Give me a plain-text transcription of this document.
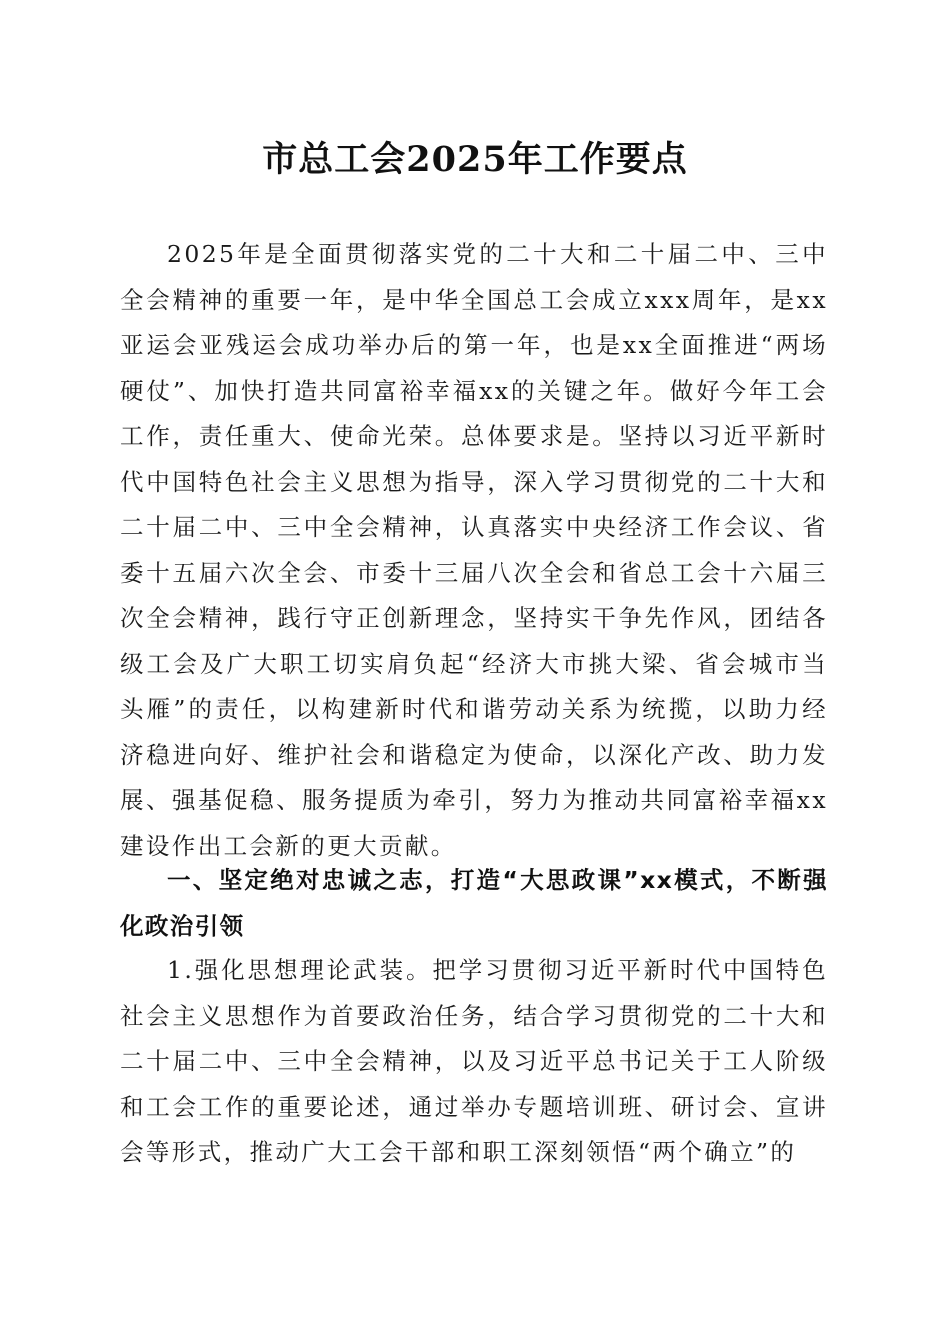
市总工会2025年工作要点

2025年是全面贯彻落实党的二十大和二十届二中、三中全会精神的重要一年，是中华全国总工会成立xxx周年，是xx亚运会亚残运会成功举办后的第一年，也是xx全面推进“两场硬仗”、加快打造共同富裕幸福xx的关键之年。做好今年工会工作，责任重大、使命光荣。总体要求是。坚持以习近平新时代中国特色社会主义思想为指导，深入学习贯彻党的二十大和二十届二中、三中全会精神，认真落实中央经济工作会议、省委十五届六次全会、市委十三届八次全会和省总工会十六届三次全会精神，践行守正创新理念，坚持实干争先作风，团结各级工会及广大职工切实肩负起“经济大市挑大梁、省会城市当头雁”的责任，以构建新时代和谐劳动关系为统揽，以助力经济稳进向好、维护社会和谐稳定为使命，以深化产改、助力发展、强基促稳、服务提质为牵引，努力为推动共同富裕幸福xx建设作出工会新的更大贡献。

一、坚定绝对忠诚之志，打造“大思政课”xx模式，不断强化政治引领

1.强化思想理论武装。把学习贯彻习近平新时代中国特色社会主义思想作为首要政治任务，结合学习贯彻党的二十大和二十届二中、三中全会精神，以及习近平总书记关于工人阶级和工会工作的重要论述，通过举办专题培训班、研讨会、宣讲会等形式，推动广大工会干部和职工深刻领悟“两个确立”的
